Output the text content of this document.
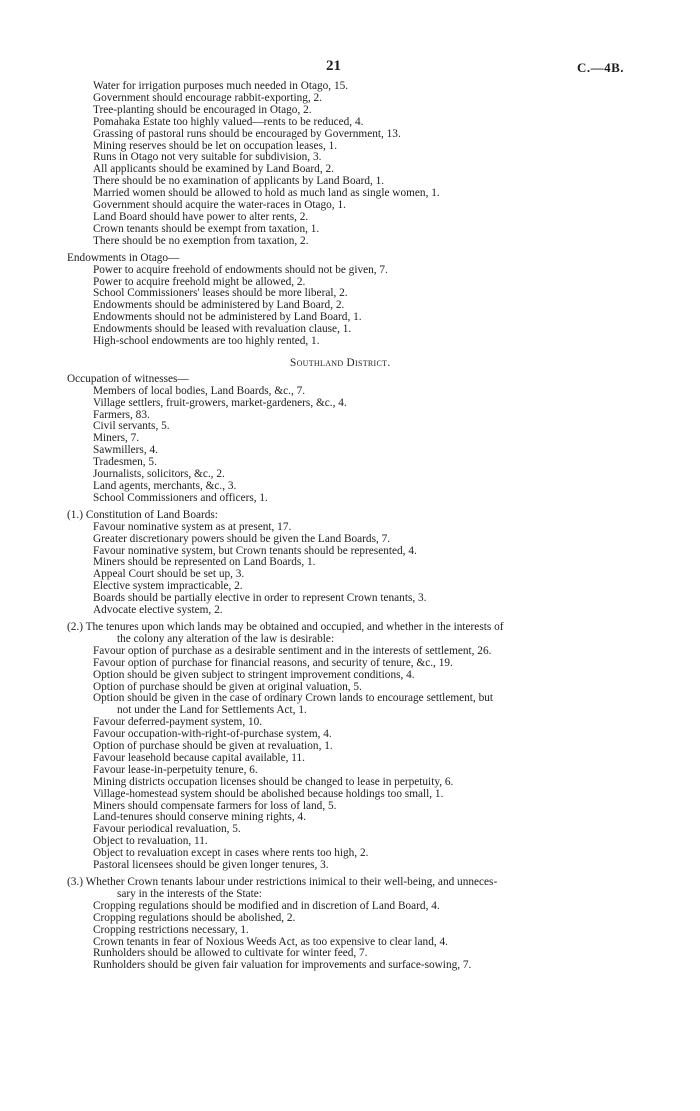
21	C.—4B.
Water for irrigation purposes much needed in Otago, 15.
Government should encourage rabbit-exporting, 2.
Tree-planting should be encouraged in Otago, 2.
Pomahaka Estate too highly valued—rents to be reduced, 4.
Grassing of pastoral runs should be encouraged by Government, 13.
Mining reserves should be let on occupation leases, 1.
Runs in Otago not very suitable for subdivision, 3.
All applicants should be examined by Land Board, 2.
There should be no examination of applicants by Land Board, 1.
Married women should be allowed to hold as much land as single women, 1.
Government should acquire the water-races in Otago, 1.
Land Board should have power to alter rents, 2.
Crown tenants should be exempt from taxation, 1.
There should be no exemption from taxation, 2.
Endowments in Otago—
Power to acquire freehold of endowments should not be given, 7.
Power to acquire freehold might be allowed, 2.
School Commissioners' leases should be more liberal, 2.
Endowments should be administered by Land Board, 2.
Endowments should not be administered by Land Board, 1.
Endowments should be leased with revaluation clause, 1.
High-school endowments are too highly rented, 1.
Southland District.
Occupation of witnesses—
Members of local bodies, Land Boards, &c., 7.
Village settlers, fruit-growers, market-gardeners, &c., 4.
Farmers, 83.
Civil servants, 5.
Miners, 7.
Sawmillers, 4.
Tradesmen, 5.
Journalists, solicitors, &c., 2.
Land agents, merchants, &c., 3.
School Commissioners and officers, 1.
(1.) Constitution of Land Boards:
Favour nominative system as at present, 17.
Greater discretionary powers should be given the Land Boards, 7.
Favour nominative system, but Crown tenants should be represented, 4.
Miners should be represented on Land Boards, 1.
Appeal Court should be set up, 3.
Elective system impracticable, 2.
Boards should be partially elective in order to represent Crown tenants, 3.
Advocate elective system, 2.
(2.) The tenures upon which lands may be obtained and occupied, and whether in the interests of
the colony any alteration of the law is desirable:
Favour option of purchase as a desirable sentiment and in the interests of settlement, 26.
Favour option of purchase for financial reasons, and security of tenure, &c., 19.
Option should be given subject to stringent improvement conditions, 4.
Option of purchase should be given at original valuation, 5.
Option should be given in the case of ordinary Crown lands to encourage settlement, but
not under the Land for Settlements Act, 1.
Favour deferred-payment system, 10.
Favour occupation-with-right-of-purchase system, 4.
Option of purchase should be given at revaluation, 1.
Favour leasehold because capital available, 11.
Favour lease-in-perpetuity tenure, 6.
Mining districts occupation licenses should be changed to lease in perpetuity, 6.
Village-homestead system should be abolished because holdings too small, 1.
Miners should compensate farmers for loss of land, 5.
Land-tenures should conserve mining rights, 4.
Favour periodical revaluation, 5.
Object to revaluation, 11.
Object to revaluation except in cases where rents too high, 2.
Pastoral licensees should be given longer tenures, 3.
(3.) Whether Crown tenants labour under restrictions inimical to their well-being, and unneces-
sary in the interests of the State:
Cropping regulations should be modified and in discretion of Land Board, 4.
Cropping regulations should be abolished, 2.
Cropping restrictions necessary, 1.
Crown tenants in fear of Noxious Weeds Act, as too expensive to clear land, 4.
Runholders should be allowed to cultivate for winter feed, 7.
Runholders should be given fair valuation for improvements and surface-sowing, 7.
